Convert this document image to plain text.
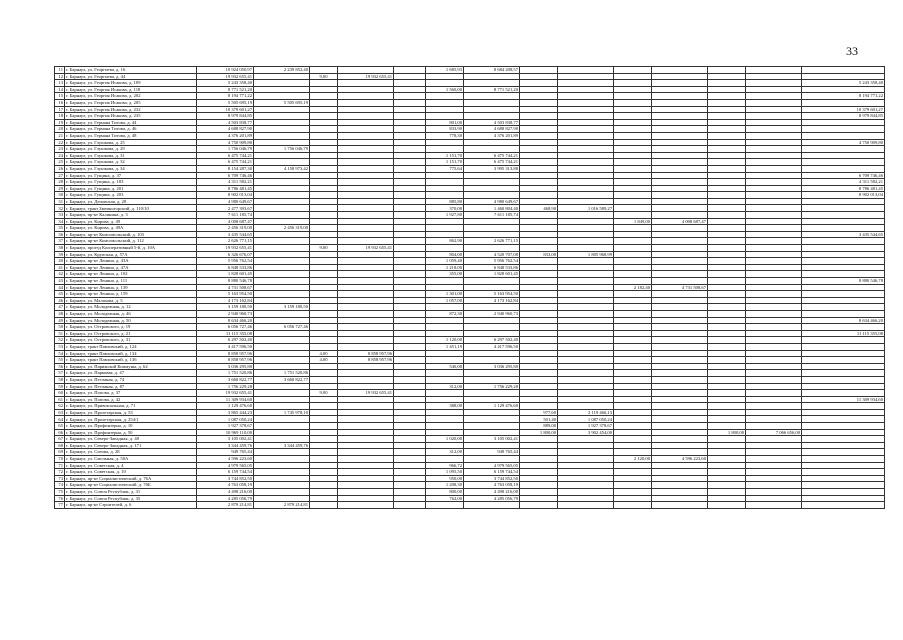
33
11	г. Барнаул, ул. Георгиева, д. 16	10 924 050,97	2 239 852,40				1 685,93	8 684 208,57							
12	г. Барнаул, ул. Георгиева, д. 44	19 932 655,41		9,00	19 932 655,41										
13	г. Барнаул, ул. Георгия Исакова, д. 109	5 243 358,40													5 243 358,40
14	г. Барнаул, ул. Георгия Исакова, д. 118	8 771 521,20					1 560,00	8 771 521,20							
15	г. Барнаул, ул. Георгия Исакова, д. 202	8 194 771,22													8 194 771,22
16	г. Барнаул, ул. Георгия Исакова, д. 205	5 505 695,19	5 505 695,19												
17	г. Барнаул, ул. Георгия Исакова, д. 232	10 379 601,27													10 379 601,27
18	г. Барнаул, ул. Георгия Исакова, д. 235	8 979 844,85													8 979 844,85
19	г. Барнаул, ул. Германа Титова, д. 44	4 503 838,77					801,00	4 503 838,77							
20	г. Барнаул, ул. Германа Титова, д. 46	4 688 827,90					833,90	4 688 827,90							
21	г. Барнаул, ул. Германа Титова, д. 48	4 376 201,89					778,30	4 376 201,89							
22	г. Барнаул, ул. Глушкова, д. 25	4 750 909,80													4 750 909,80
23	г. Барнаул, ул. Глушкова, д. 29	1 756 046,79	1 756 046,79												
24	г. Барнаул, ул. Глушкова, д. 31	6 475 744,21					1 151,70	6 475 744,21							
25	г. Барнаул, ул. Глушкова, д. 32	6 475 744,21					1 151,70	6 475 744,21							
26	г. Барнаул, ул. Глушкова, д. 34	8 154 287,30	4 158 973,42				775,64	3 995 313,88							
27	г. Барнаул, ул. Гущина, д. 37	6 709 746,46													6 709 746,46
28	г. Барнаул, ул. Гущина, д. 183	4 311 582,21													4 311 582,21
29	г. Барнаул, ул. Гущина, д. 201	8 786 481,45													8 786 481,45
30	г. Барнаул, ул. Гущина, д. 203	8 902 013,04													8 902 013,04
31	г. Барнаул, ул. Деповская, д. 28	4 980 649,67					885,80	4 980 649,67							
32	г. Барнаул, тракт Змеиногорский, д. 110/10	2 477 393,67					370,00	1 460 804,40	468,90	1 016 589,27					
33	г. Барнаул, пр-кт Калинина, д. 3	7 611 185,74					1 927,80	7 611 185,74							
34	г. Барнаул, ул. Кирова, д. 49	4 008 687,47									1 849,00	4 008 687,47			
35	г. Барнаул, ул. Кирова, д. 49А	2 456 319,00	2 456 319,00												
36	г. Барнаул, пр-кт Комсомольский, д. 103	3 435 544,65													3 435 544,65
37	г. Барнаул, пр-кт Комсомольский, д. 112	2 626 771,15					862,90	2 626 771,15							
38	г. Барнаул, проезд Кооперативный 5-й, д. 10А	19 932 655,41		9,00	19 932 655,41										
39	г. Барнаул, ул. Крупская, д. 57А	6 326 676,07					804,00	4 520 707,08	833,00	1 805 968,99					
40	г. Барнаул, пр-кт Ленина, д. 43А	5 956 762,54					1 059,40	5 956 762,54							
41	г. Барнаул, пр-кт Ленина, д. 47А	6 848 533,86					1 218,00	6 848 533,86							
42	г. Барнаул, пр-кт Ленина, д. 102	1 828 601,45					355,00	1 828 601,45							
43	г. Барнаул, пр-кт Ленина, д. 111	8 880 546,78													8 880 546,78
44	г. Барнаул, пр-кт Ленина, д. 139	4 731 508,67									2 182,40	4 731 508,67			
45	г. Барнаул, пр-кт Ленина, д. 159	5 163 954,50					1 301,00	5 163 954,50							
46	г. Барнаул, ул. Малахова, д. 5	4 173 162,84					1 057,00	4 173 162,84							
47	г. Барнаул, ул. Молодежная, д. 12	3 159 180,50	3 159 180,50												
48	г. Барнаул, ул. Молодежная, д. 46	2 940 960,73					872,30	2 940 960,73							
49	г. Барнаул, ул. Молодежная, д. 50	8 634 466,20													8 634 466,20
50	г. Барнаул, ул. Островского, д. 19	6 056 727,46	6 056 727,46												
51	г. Барнаул, ул. Островского, д. 21	11 115 355,08													11 115 355,08
52	г. Барнаул, ул. Островского, д. 31	6 297 502,40					1 120,00	6 297 502,40							
53	г. Барнаул, тракт Павловский, д. 124	4 417 596,50					1 451,19	4 417 596,50							
54	г. Барнаул, тракт Павловский, д. 134	8 858 957,96		4,00	8 858 957,96										
55	г. Барнаул, тракт Павловский, д. 136	8 858 957,96		4,00	8 858 957,96										
56	г. Барнаул, ул. Парижской Коммуны, д. 62	3 036 295,80					540,00	3 036 295,80							
57	г. Барнаул, ул. Парковая, д. 47	1 751 520,86	1 751 520,86												
58	г. Барнаул, ул. Песчаная, д. 74	3 660 822,77	3 660 822,77												
59	г. Барнаул, ул. Песчаная, д. 87	1 756 229,28					312,00	1 756 229,28							
60	г. Барнаул, ул. Попова, д. 37	19 932 655,41		9,00	19 932 655,41										
61	г. Барнаул, ул. Попова, д. 42	11 309 934,60													11 309 934,60
62	г. Барнаул, ул. Привокзальная, д. 71	1 129 476,60					388,00	1 129 476,60							
63	г. Барнаул, ул. Пролетарская, д. 53	3 865 444,23	1 745 978,10						977,60	2 119 466,13					
64	г. Барнаул, ул. Пролетарская, д. 254/1	1 087 050,24							501,40	1 087 050,24					
65	г. Барнаул, ул. Профинтерна, д. 10	1 927 378,67							889,00	1 927 378,67					
66	г. Барнаул, ул. Профинтерна, д. 50	10 969 110,00							1 800,00	3 902 454,00			1 800,00	7 066 656,00	
67	г. Барнаул, ул. Северо-Западная, д. 48	3 105 002,41					1 020,00	3 105 002,41							
68	г. Барнаул, ул. Северо-Западная, д. 171	3 344 459,76	3 344 459,76												
69	г. Барнаул, ул. Сизова, д. 28	949 765,44					312,00	949 765,44							
70	г. Барнаул, ул. Смольная, д. 50А	4 596 223,60									2 120,00	4 596 223,60			
71	г. Барнаул, ул. Советская, д. 4	4 979 565,05					966,72	4 979 565,05							
72	г. Барнаул, ул. Советская, д. 10	6 159 744,54					1 095,50	6 159 744,54							
73	г. Барнаул, пр-кт Социалистический, д. 76А	3 744 852,50					950,00	3 744 852,50							
74	г. Барнаул, пр-кт Социалистический, д. 76Б	4 763 058,19					1 208,30	4 763 058,19							
75	г. Барнаул, ул. Союза Республик, д. 31	4 498 216,00					800,00	4 498 216,00							
76	г. Барнаул, ул. Союза Республик, д. 35	4 285 056,79					762,00	4 285 056,79							
77	г. Барнаул, пр-кт Строителей, д. 6	2 879 214,81	2 879 214,81												
